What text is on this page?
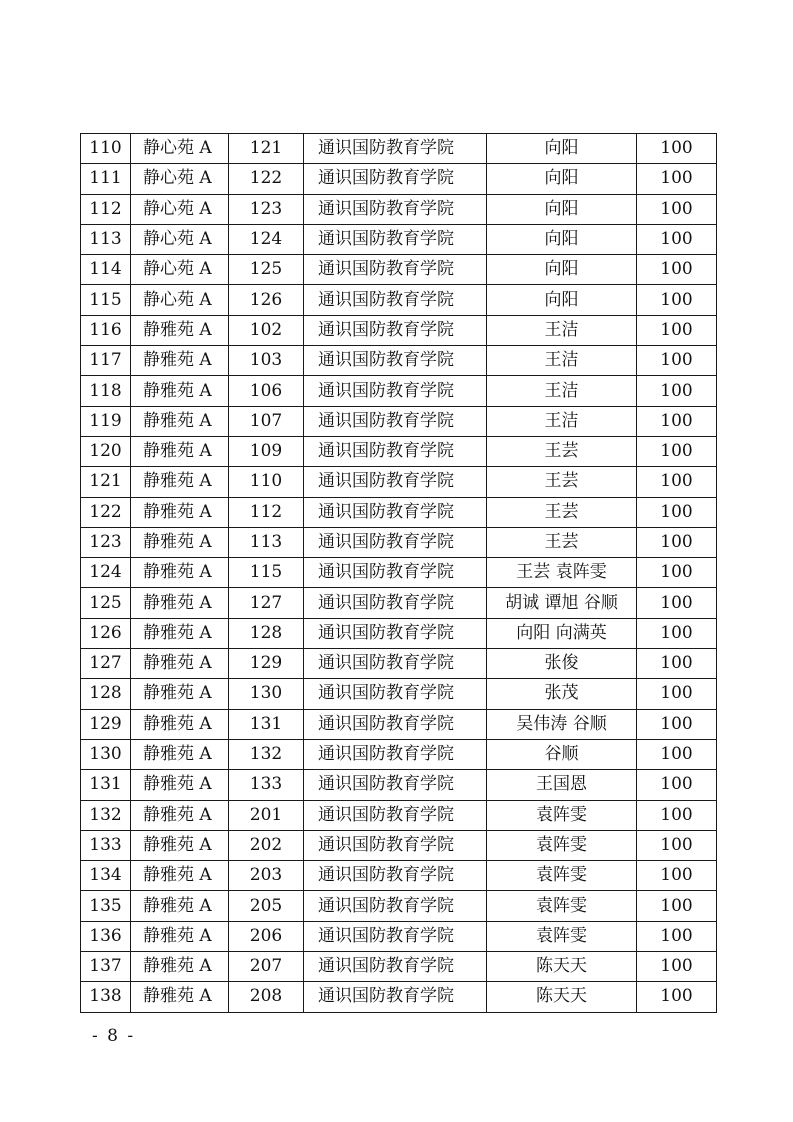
110	静心苑 A	121	通识国防教育学院	向阳	100
111	静心苑 A	122	通识国防教育学院	向阳	100
112	静心苑 A	123	通识国防教育学院	向阳	100
113	静心苑 A	124	通识国防教育学院	向阳	100
114	静心苑 A	125	通识国防教育学院	向阳	100
115	静心苑 A	126	通识国防教育学院	向阳	100
116	静雅苑 A	102	通识国防教育学院	王洁	100
117	静雅苑 A	103	通识国防教育学院	王洁	100
118	静雅苑 A	106	通识国防教育学院	王洁	100
119	静雅苑 A	107	通识国防教育学院	王洁	100
120	静雅苑 A	109	通识国防教育学院	王芸	100
121	静雅苑 A	110	通识国防教育学院	王芸	100
122	静雅苑 A	112	通识国防教育学院	王芸	100
123	静雅苑 A	113	通识国防教育学院	王芸	100
124	静雅苑 A	115	通识国防教育学院	王芸 袁阵雯	100
125	静雅苑 A	127	通识国防教育学院	胡诚 谭旭 谷顺	100
126	静雅苑 A	128	通识国防教育学院	向阳 向满英	100
127	静雅苑 A	129	通识国防教育学院	张俊	100
128	静雅苑 A	130	通识国防教育学院	张茂	100
129	静雅苑 A	131	通识国防教育学院	吴伟涛 谷顺	100
130	静雅苑 A	132	通识国防教育学院	谷顺	100
131	静雅苑 A	133	通识国防教育学院	王国恩	100
132	静雅苑 A	201	通识国防教育学院	袁阵雯	100
133	静雅苑 A	202	通识国防教育学院	袁阵雯	100
134	静雅苑 A	203	通识国防教育学院	袁阵雯	100
135	静雅苑 A	205	通识国防教育学院	袁阵雯	100
136	静雅苑 A	206	通识国防教育学院	袁阵雯	100
137	静雅苑 A	207	通识国防教育学院	陈天天	100
138	静雅苑 A	208	通识国防教育学院	陈天天	100
- 8 -
